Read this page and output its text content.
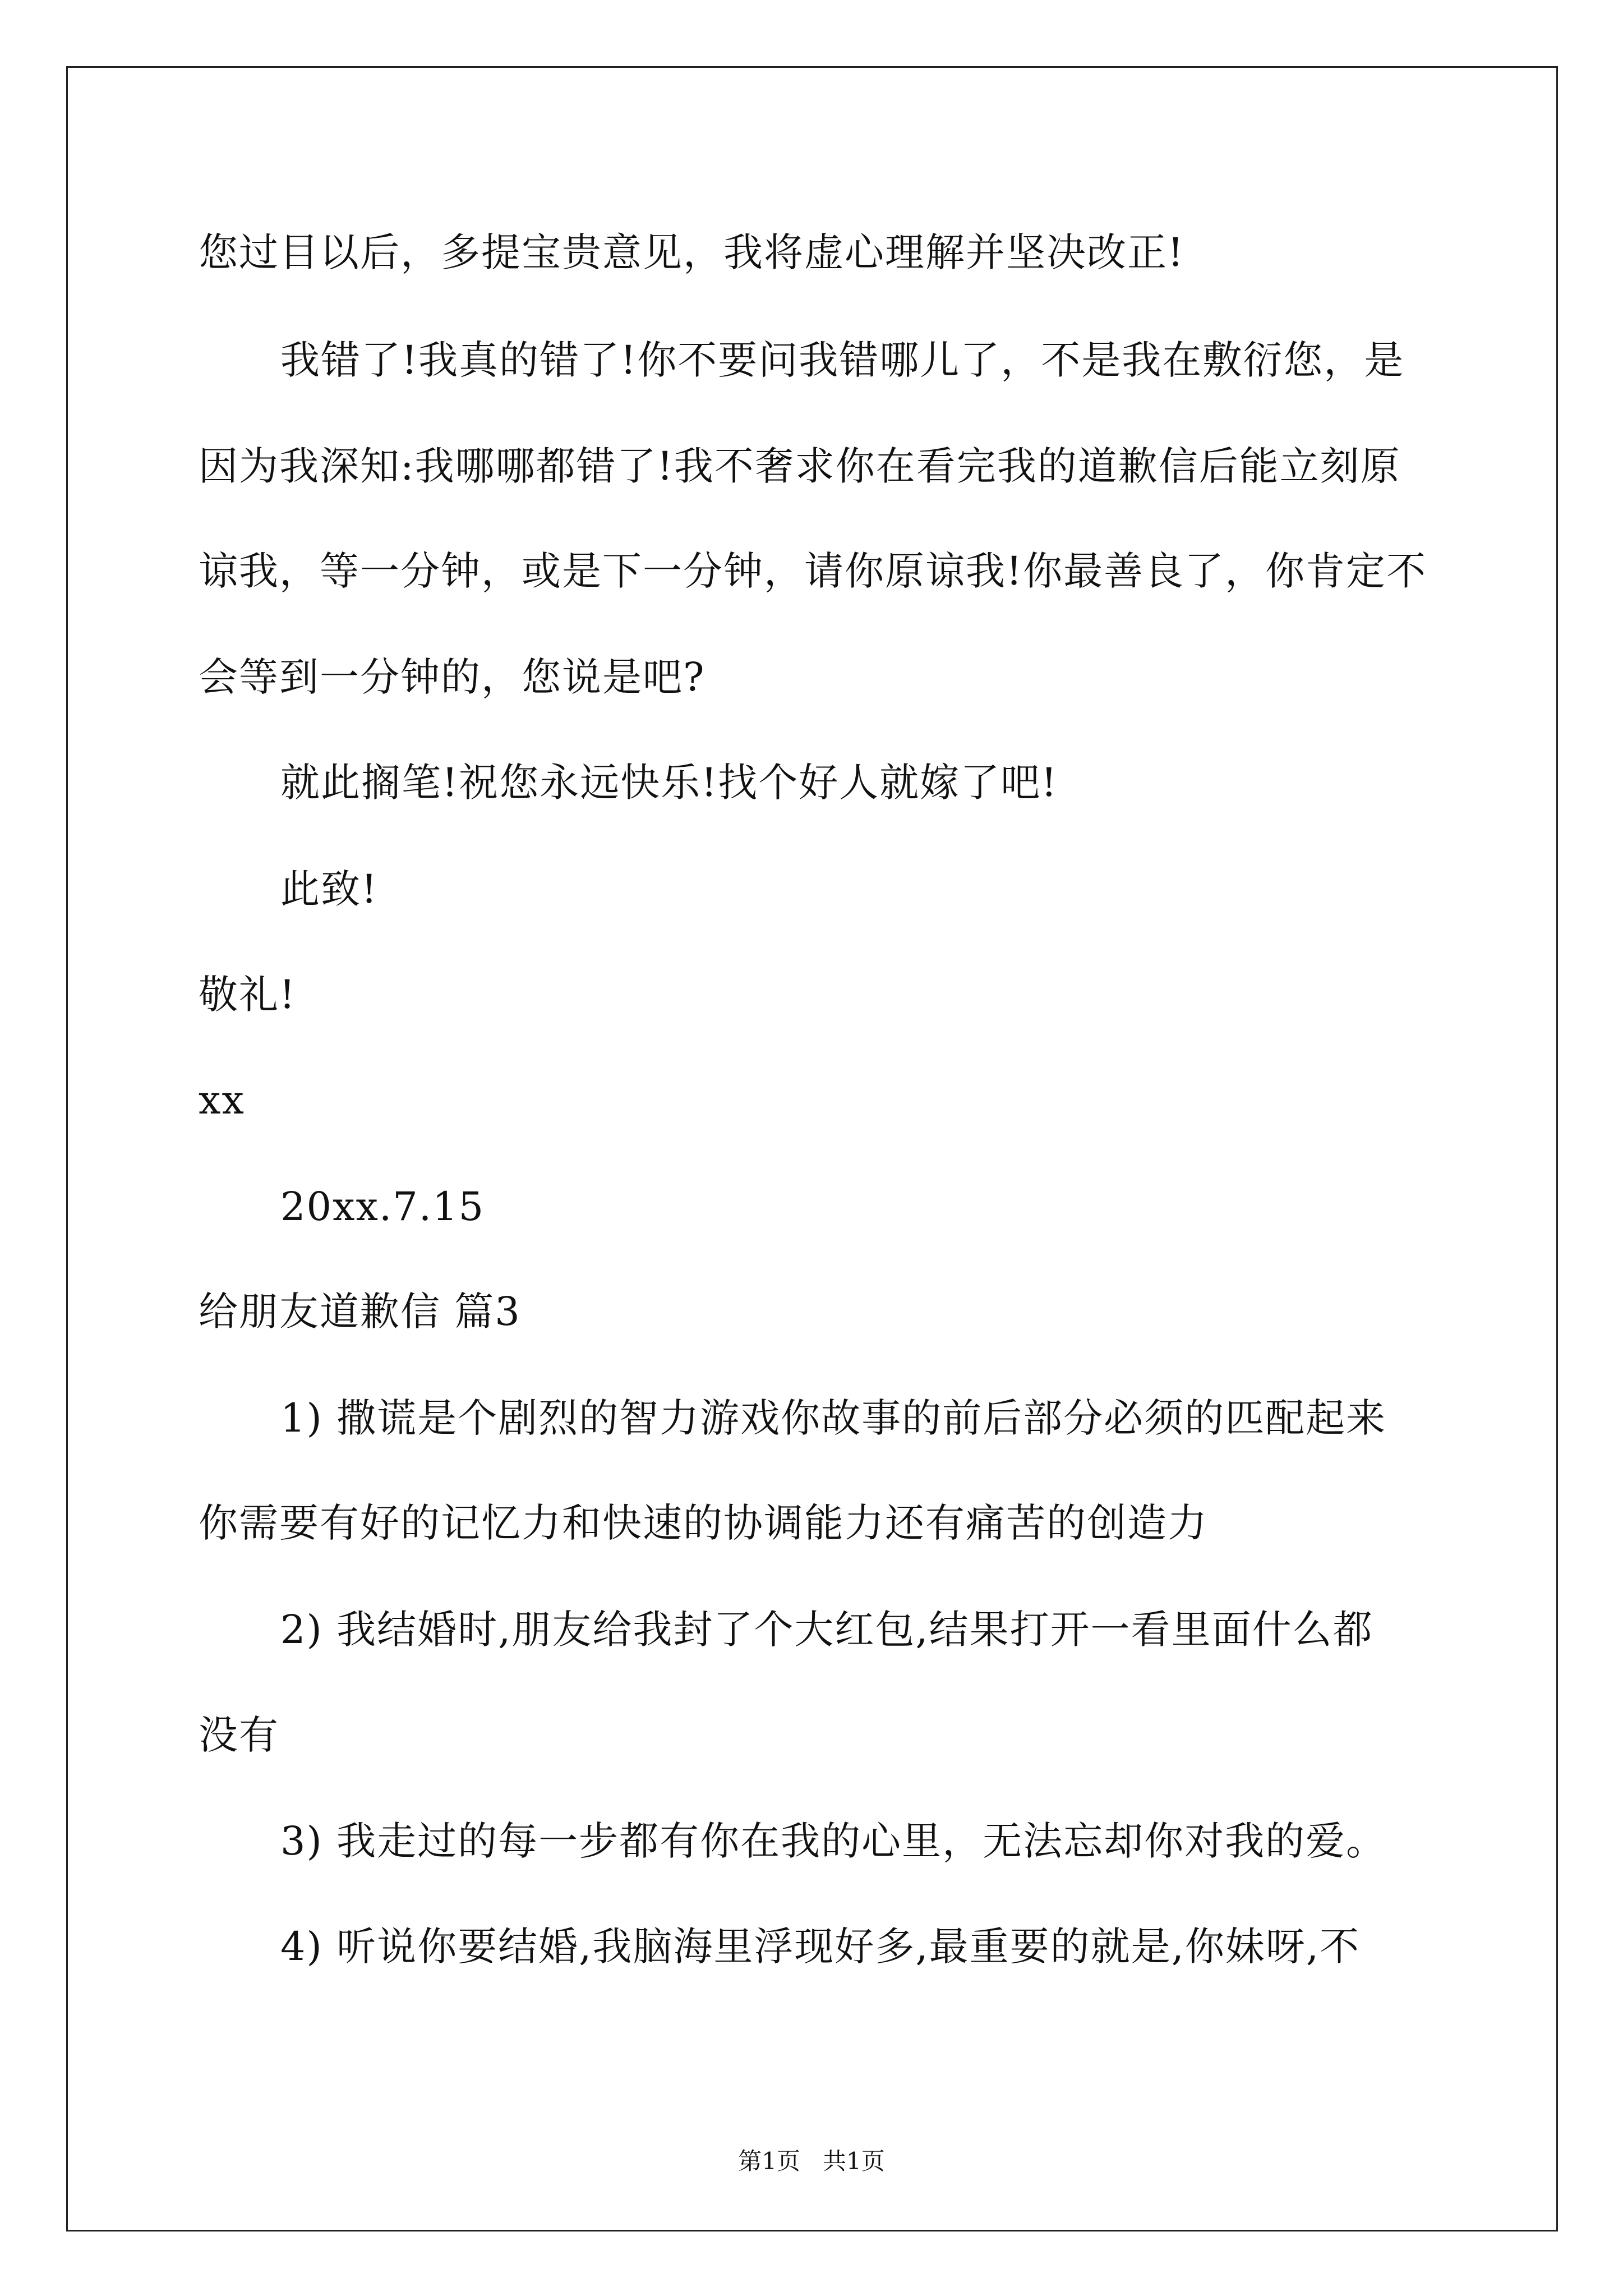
您过目以后，多提宝贵意见，我将虚心理解并坚决改正!
我错了!我真的错了!你不要问我错哪儿了，不是我在敷衍您，是
因为我深知:我哪哪都错了!我不奢求你在看完我的道歉信后能立刻原
谅我，等一分钟，或是下一分钟，请你原谅我!你最善良了，你肯定不
会等到一分钟的，您说是吧?
就此搁笔!祝您永远快乐!找个好人就嫁了吧!
此致!
敬礼!
xx
20xx.7.15
给朋友道歉信 篇3
1) 撒谎是个剧烈的智力游戏你故事的前后部分必须的匹配起来
你需要有好的记忆力和快速的协调能力还有痛苦的创造力
2) 我结婚时,朋友给我封了个大红包,结果打开一看里面什么都
没有
3) 我走过的每一步都有你在我的心里，无法忘却你对我的爱。
4) 听说你要结婚,我脑海里浮现好多,最重要的就是,你妹呀,不
第1页   共1页
